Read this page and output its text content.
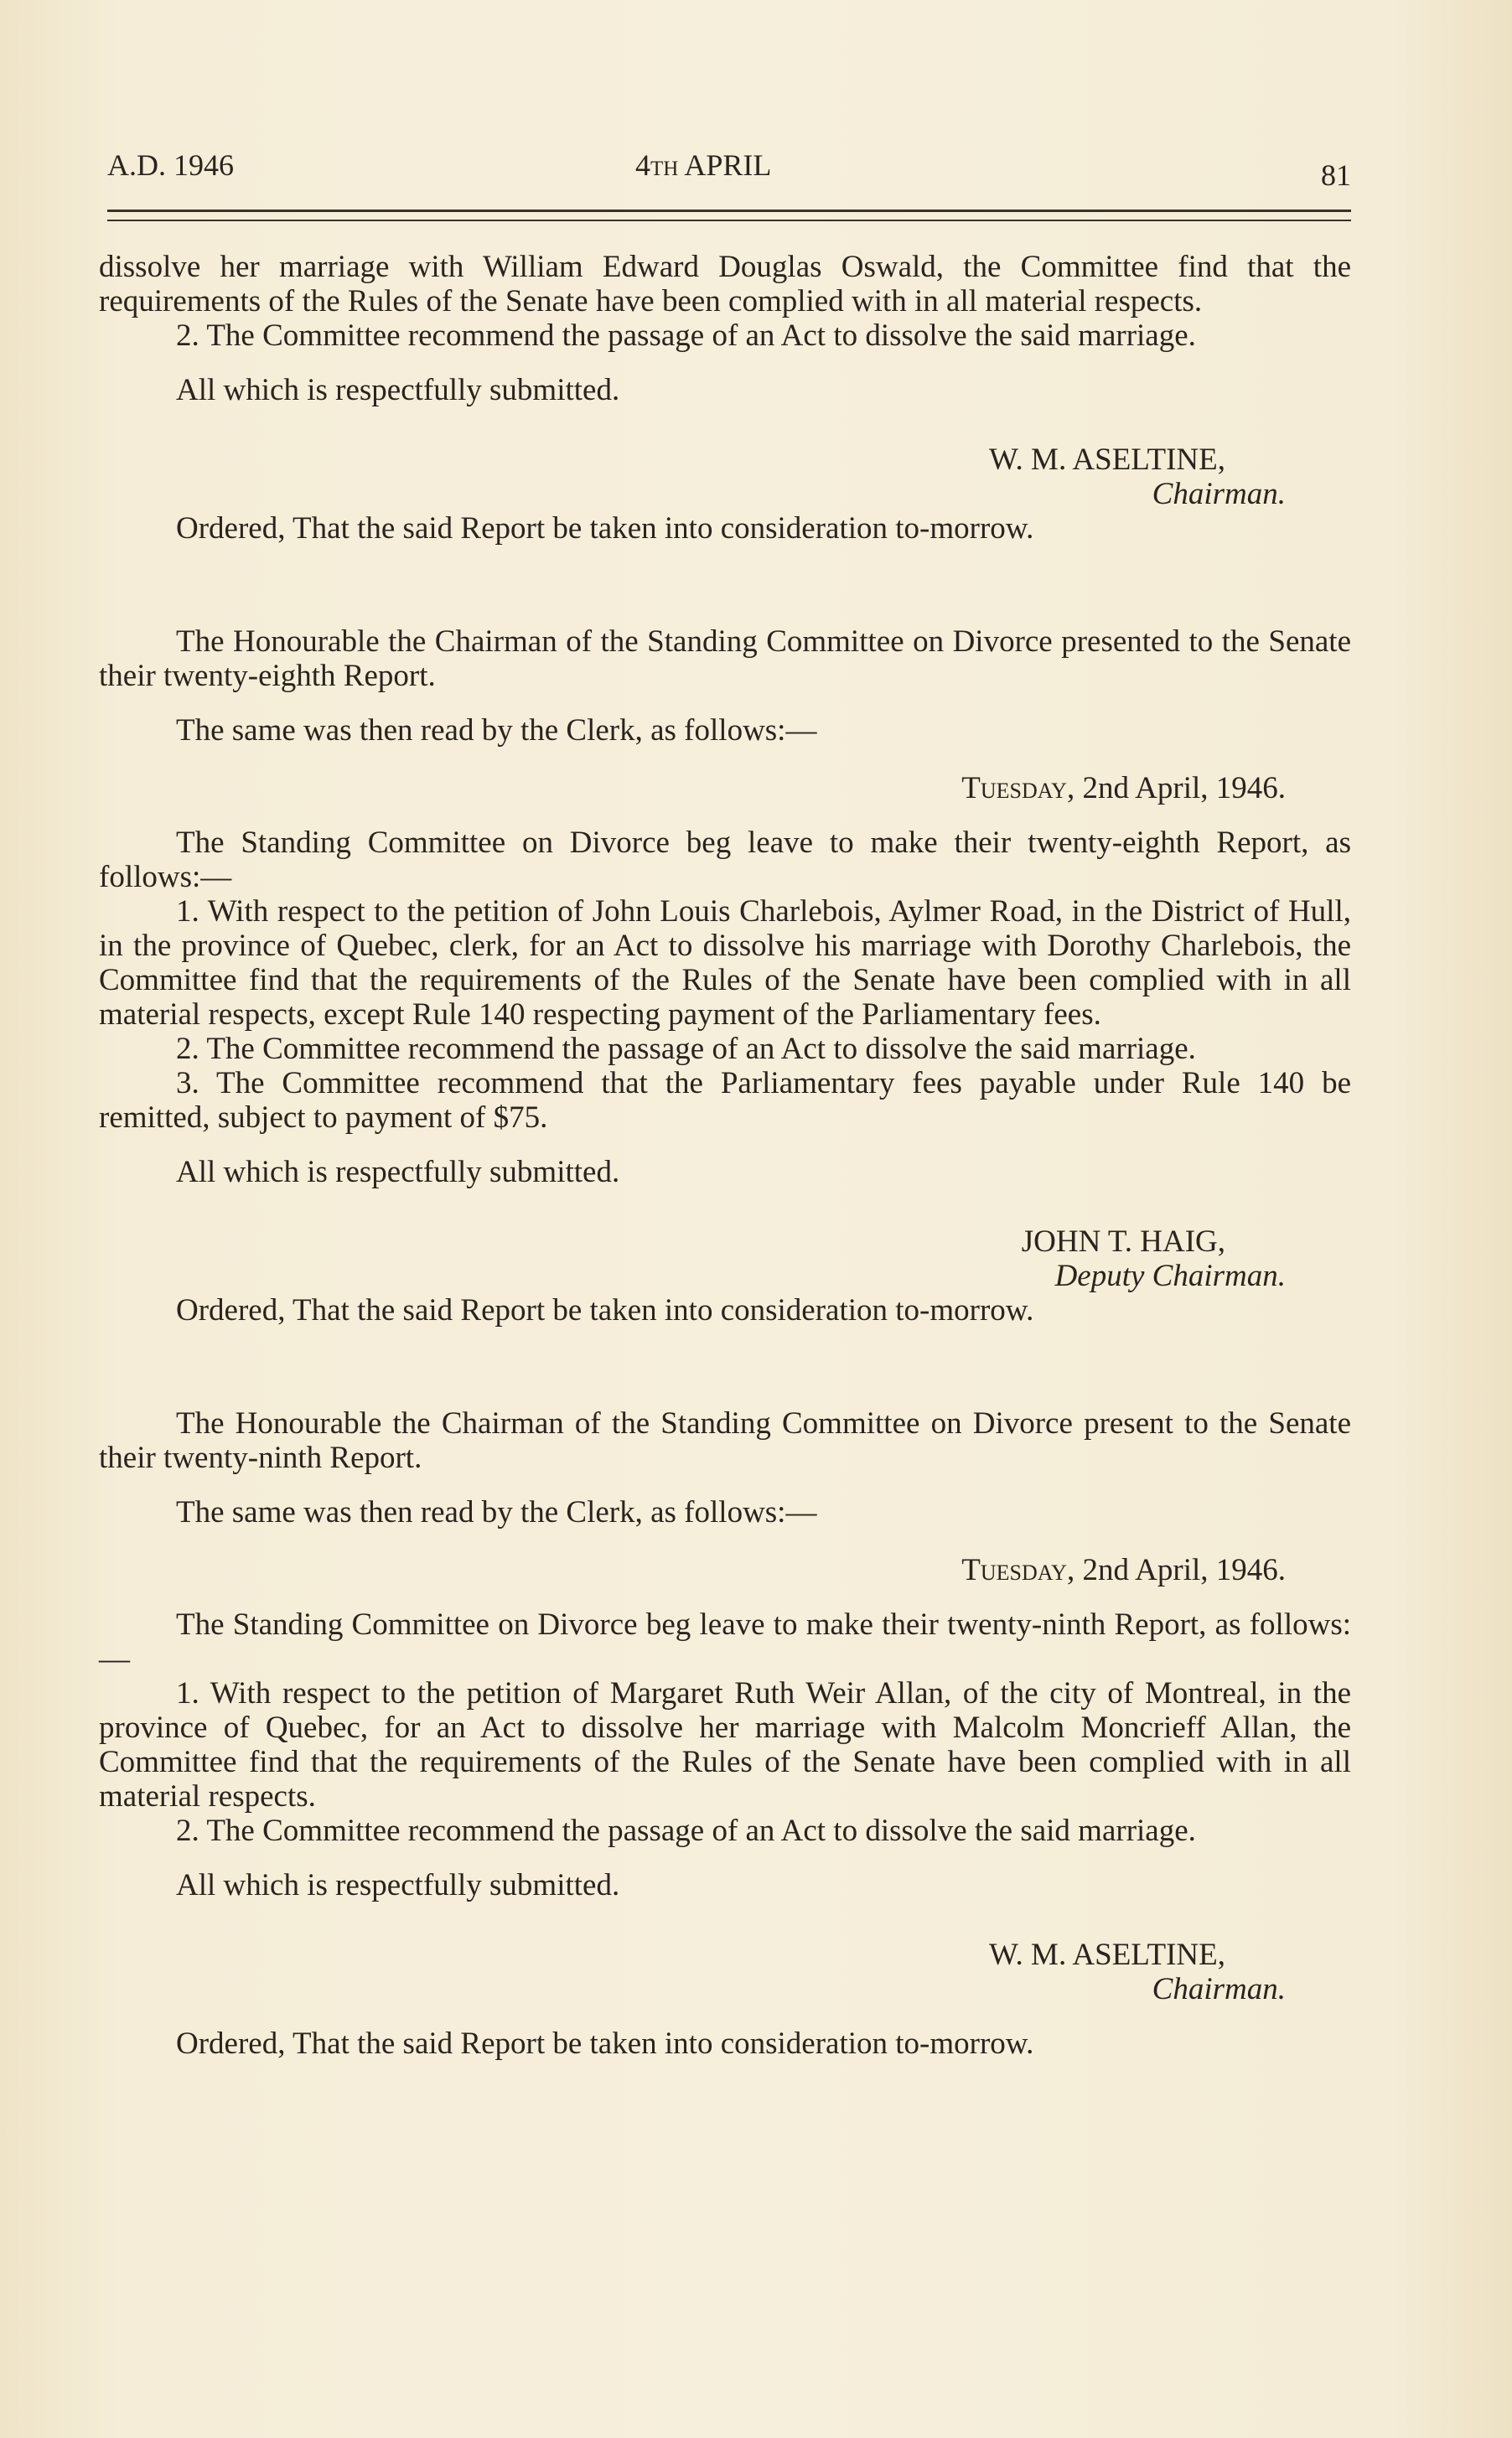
A.D. 1946	4th APRIL	81

dissolve her marriage with William Edward Douglas Oswald, the Committee find that the requirements of the Rules of the Senate have been complied with in all material respects.

2. The Committee recommend the passage of an Act to dissolve the said marriage.

All which is respectfully submitted.

W. M. ASELTINE,

Chairman.

Ordered, That the said Report be taken into consideration to-morrow.

The Honourable the Chairman of the Standing Committee on Divorce presented to the Senate their twenty-eighth Report.

The same was then read by the Clerk, as follows:—

Tuesday, 2nd April, 1946.

The Standing Committee on Divorce beg leave to make their twenty-eighth Report, as follows:—

1. With respect to the petition of John Louis Charlebois, Aylmer Road, in the District of Hull, in the province of Quebec, clerk, for an Act to dissolve his marriage with Dorothy Charlebois, the Committee find that the requirements of the Rules of the Senate have been complied with in all material respects, except Rule 140 respecting payment of the Parliamentary fees.

2. The Committee recommend the passage of an Act to dissolve the said marriage.

3. The Committee recommend that the Parliamentary fees payable under Rule 140 be remitted, subject to payment of $75.

All which is respectfully submitted.

JOHN T. HAIG,

Deputy Chairman.

Ordered, That the said Report be taken into consideration to-morrow.

The Honourable the Chairman of the Standing Committee on Divorce present to the Senate their twenty-ninth Report.

The same was then read by the Clerk, as follows:—

Tuesday, 2nd April, 1946.

The Standing Committee on Divorce beg leave to make their twenty-ninth Report, as follows:—

1. With respect to the petition of Margaret Ruth Weir Allan, of the city of Montreal, in the province of Quebec, for an Act to dissolve her marriage with Malcolm Moncrieff Allan, the Committee find that the requirements of the Rules of the Senate have been complied with in all material respects.

2. The Committee recommend the passage of an Act to dissolve the said marriage.

All which is respectfully submitted.

W. M. ASELTINE,

Chairman.

Ordered, That the said Report be taken into consideration to-morrow.
